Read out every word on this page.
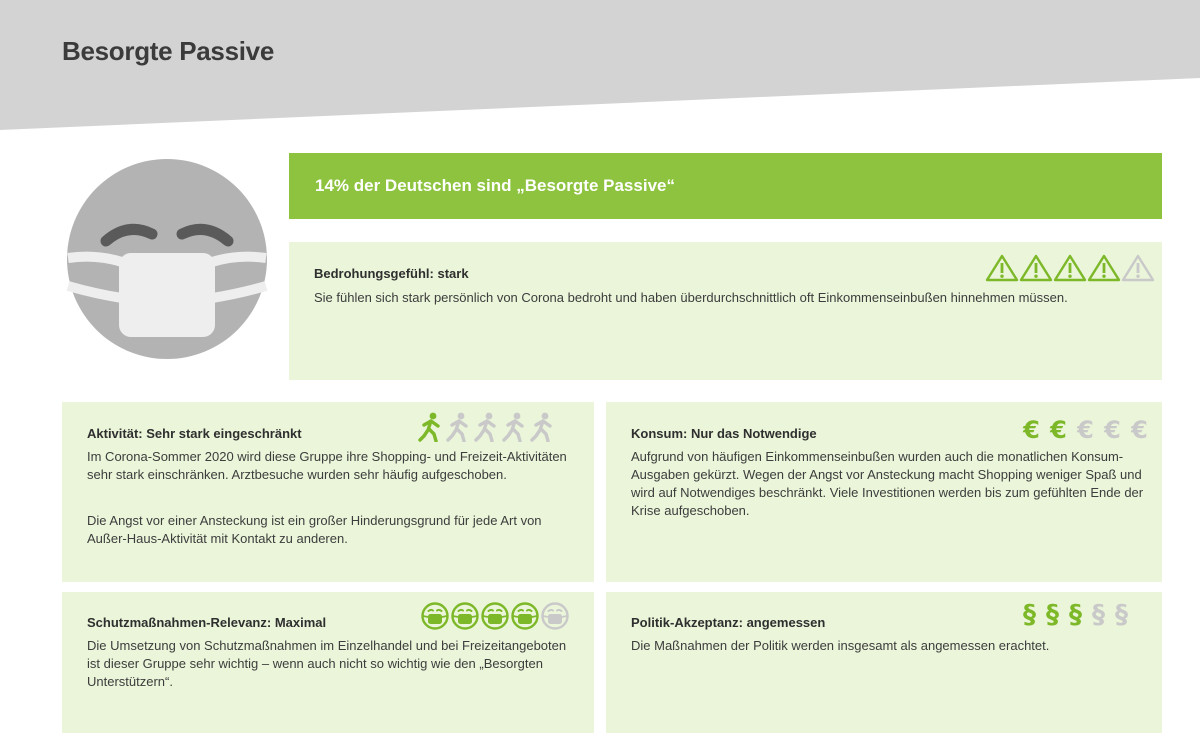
Besorgte Passive
14% der Deutschen sind „Besorgte Passive“

Bedrohungsgefühl: stark

Sie fühlen sich stark persönlich von Corona bedroht und haben überdurchschnittlich oft Einkommenseinbußen hinnehmen müssen.

Aktivität: Sehr stark eingeschränkt

Im Corona-Sommer 2020 wird diese Gruppe ihre Shopping- und Freizeit-Aktivitäten sehr stark einschränken. Arztbesuche wurden sehr häufig aufgeschoben.

Die Angst vor einer Ansteckung ist ein großer Hinderungsgrund für jede Art von Außer-Haus-Aktivität mit Kontakt zu anderen.

Konsum: Nur das Notwendige

Aufgrund von häufigen Einkommenseinbußen wurden auch die monatlichen Konsum-Ausgaben gekürzt. Wegen der Angst vor Ansteckung macht Shopping weniger Spaß und wird auf Notwendiges beschränkt. Viele Investitionen werden bis zum gefühlten Ende der Krise aufgeschoben.

€ € € € €

Schutzmaßnahmen-Relevanz: Maximal

Die Umsetzung von Schutzmaßnahmen im Einzelhandel und bei Freizeitangeboten ist dieser Gruppe sehr wichtig – wenn auch nicht so wichtig wie den „Besorgten Unterstützern“.

Politik-Akzeptanz: angemessen

Die Maßnahmen der Politik werden insgesamt als angemessen erachtet.

§ § § § §
